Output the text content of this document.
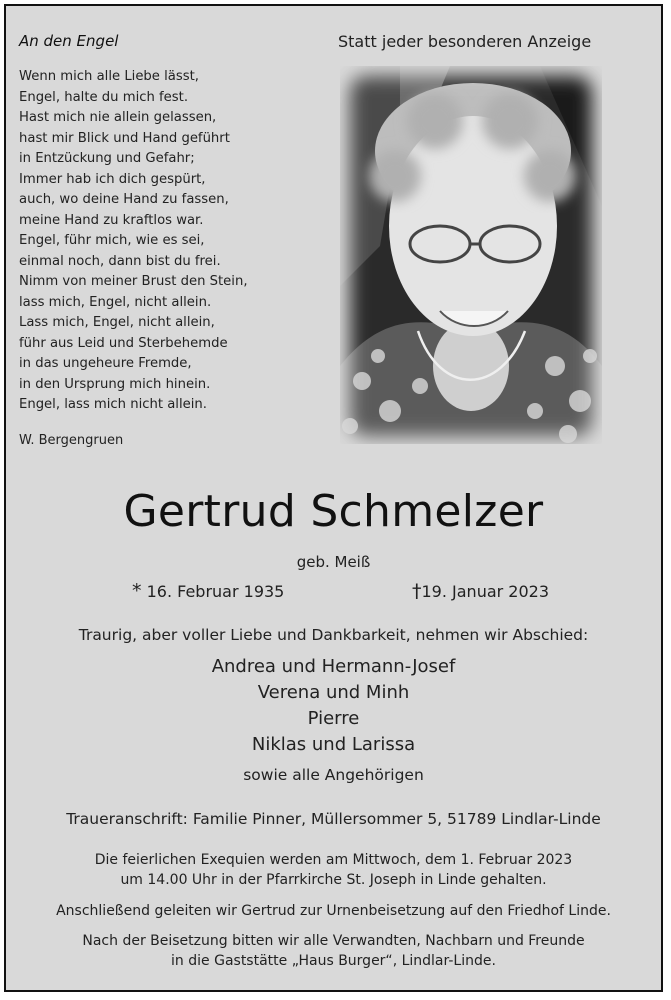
An den Engel
Wenn mich alle Liebe lässt,
Engel, halte du mich fest.
Hast mich nie allein gelassen,
hast mir Blick und Hand geführt
in Entzückung und Gefahr;
Immer hab ich dich gespürt,
auch, wo deine Hand zu fassen,
meine Hand zu kraftlos war.
Engel, führ mich, wie es sei,
einmal noch, dann bist du frei.
Nimm von meiner Brust den Stein,
lass mich, Engel, nicht allein.
Lass mich, Engel, nicht allein,
führ aus Leid und Sterbehemde
in das ungeheure Fremde,
in den Ursprung mich hinein.
Engel, lass mich nicht allein.
W. Bergengruen
Statt jeder besonderen Anzeige
Gertrud Schmelzer
geb. Meiß
* 16. Februar 1935	†19. Januar 2023
Traurig, aber voller Liebe und Dankbarkeit, nehmen wir Abschied:
Andrea und Hermann-Josef
Verena und Minh
Pierre
Niklas und Larissa
sowie alle Angehörigen
Traueranschrift: Familie Pinner, Müllersommer 5, 51789 Lindlar-Linde
Die feierlichen Exequien werden am Mittwoch, dem 1. Februar 2023
um 14.00 Uhr in der Pfarrkirche St. Joseph in Linde gehalten.
Anschließend geleiten wir Gertrud zur Urnenbeisetzung auf den Friedhof Linde.
Nach der Beisetzung bitten wir alle Verwandten, Nachbarn und Freunde
in die Gaststätte „Haus Burger“, Lindlar-Linde.
